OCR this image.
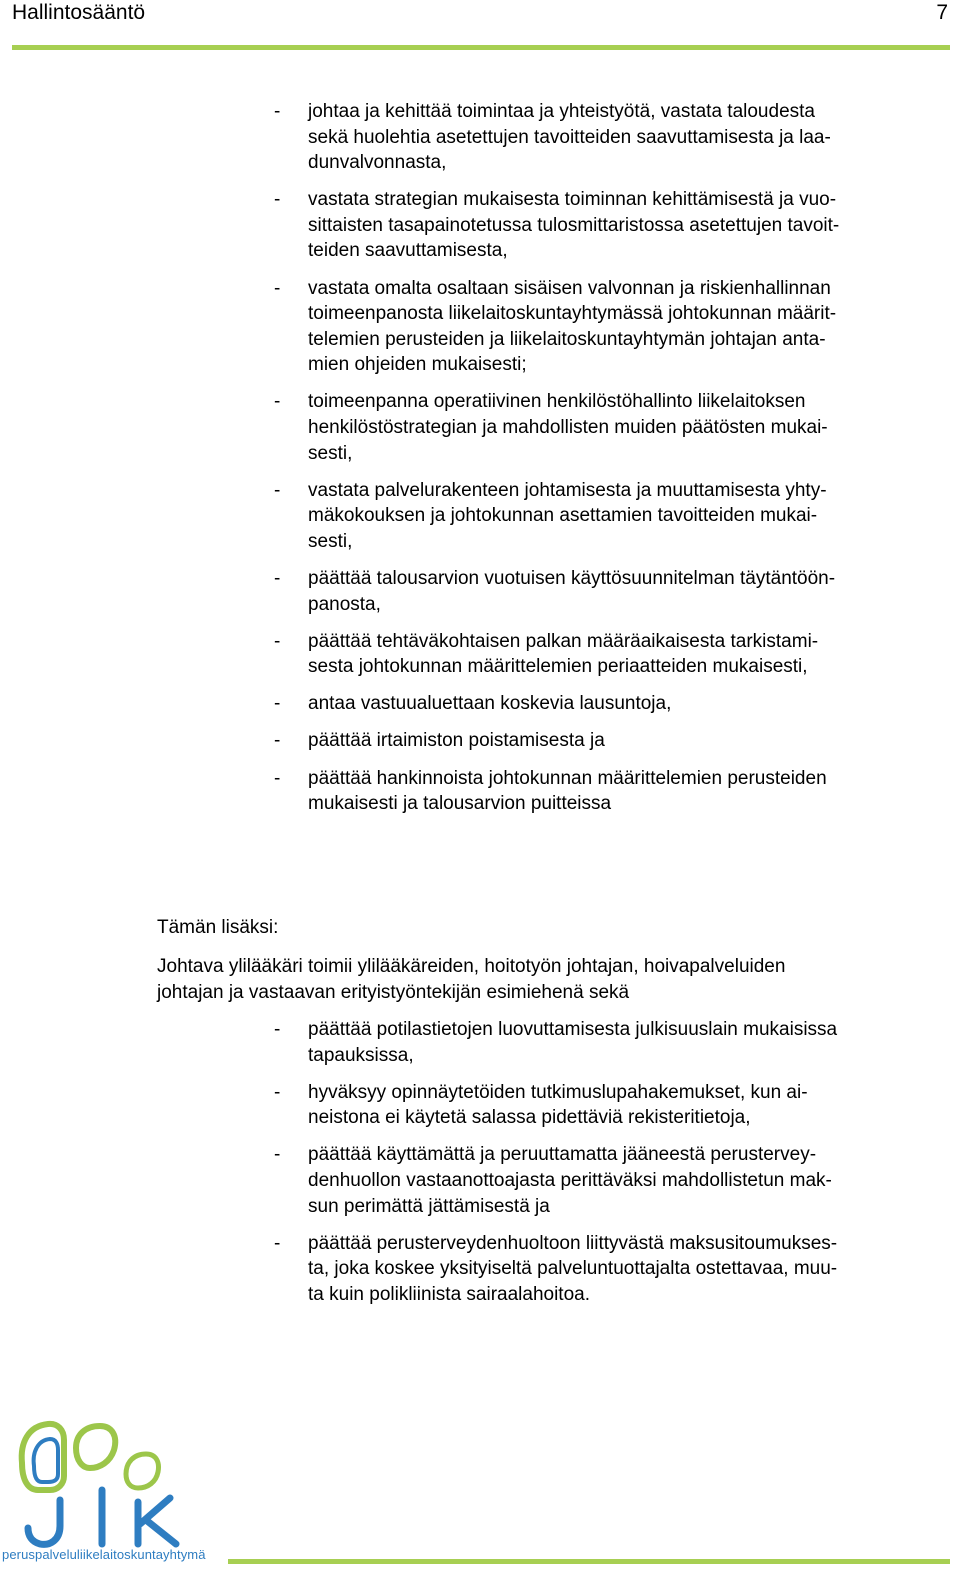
Hallintosääntö	7
- johtaa ja kehittää toimintaa ja yhteistyötä, vastata taloudesta
sekä huolehtia asetettujen tavoitteiden saavuttamisesta ja laa-
dunvalvonnasta,
- vastata strategian mukaisesta toiminnan kehittämisestä ja vuo-
sittaisten tasapainotetussa tulosmittaristossa asetettujen tavoit-
teiden saavuttamisesta,
- vastata omalta osaltaan sisäisen valvonnan ja riskienhallinnan
toimeenpanosta liikelaitoskuntayhtymässä johtokunnan määrit-
telemien perusteiden ja liikelaitoskuntayhtymän johtajan anta-
mien ohjeiden mukaisesti;
- toimeenpanna operatiivinen henkilöstöhallinto liikelaitoksen
henkilöstöstrategian ja mahdollisten muiden päätösten mukai-
sesti,
- vastata palvelurakenteen johtamisesta ja muuttamisesta yhty-
mäkokouksen ja johtokunnan asettamien tavoitteiden mukai-
sesti,
- päättää talousarvion vuotuisen käyttösuunnitelman täytäntöön-
panosta,
- päättää tehtäväkohtaisen palkan määräaikaisesta tarkistami-
sesta johtokunnan määrittelemien periaatteiden mukaisesti,
- antaa vastuualuettaan koskevia lausuntoja,
- päättää irtaimiston poistamisesta ja
- päättää hankinnoista johtokunnan määrittelemien perusteiden
mukaisesti ja talousarvion puitteissa

Tämän lisäksi:

Johtava ylilääkäri toimii ylilääkäreiden, hoitotyön johtajan, hoivapalveluiden
johtajan ja vastaavan erityistyöntekijän esimiehenä sekä

- päättää potilastietojen luovuttamisesta julkisuuslain mukaisissa
tapauksissa,
- hyväksyy opinnäytetöiden tutkimuslupahakemukset, kun ai-
neistona ei käytetä salassa pidettäviä rekisteritietoja,
- päättää käyttämättä ja peruuttamatta jääneestä perustervey-
denhuollon vastaanottoajasta perittäväksi mahdollistetun mak-
sun perimättä jättämisestä ja
- päättää perusterveydenhuoltoon liittyvästä maksusitoumukses-
ta, joka koskee yksityiseltä palveluntuottajalta ostettavaa, muu-
ta kuin polikliinista sairaalahoitoa.
peruspalveluliikelaitoskuntayhtymä
